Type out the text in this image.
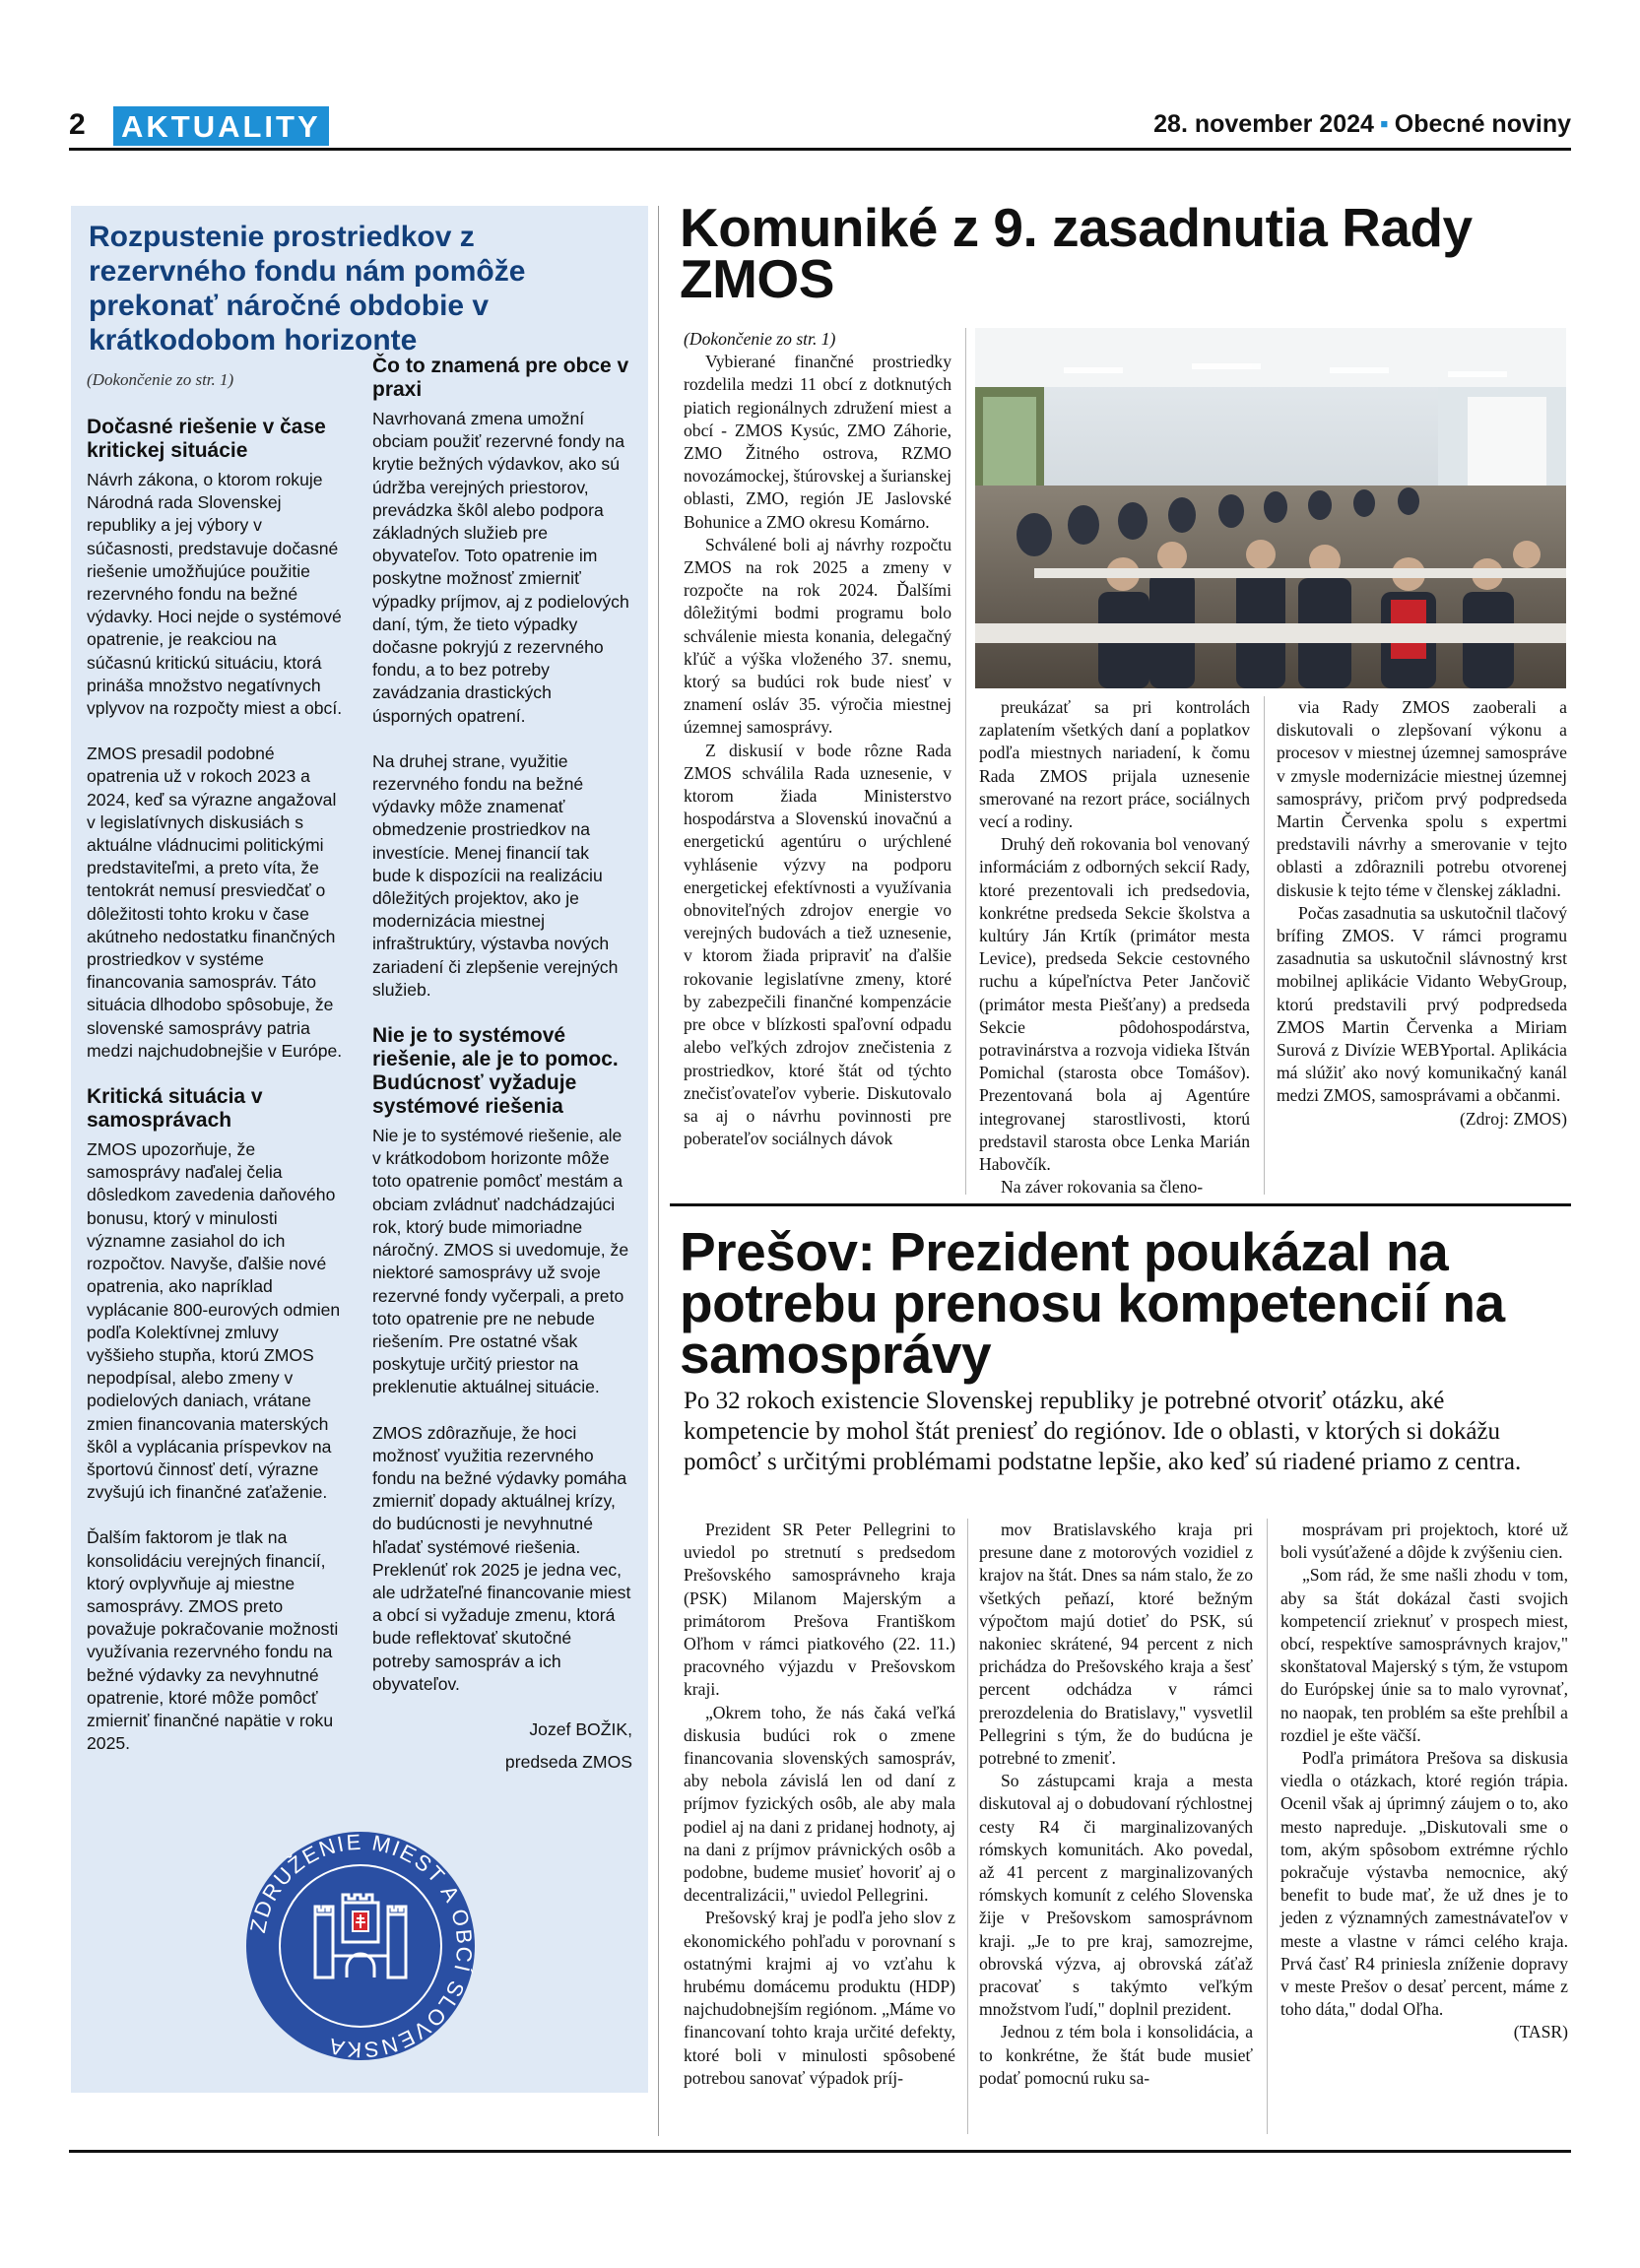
2 AKTUALITY	28. november 2024 ▪ Obecné noviny
Rozpustenie prostriedkov z rezervného fondu nám pomôže prekonať náročné obdobie v krátkodobom horizonte
(Dokončenie zo str. 1)
Dočasné riešenie v čase kritickej situácie

Návrh zákona, o ktorom rokuje Národná rada Slovenskej republiky a jej výbory v súčasnosti, predstavuje dočasné riešenie umožňujúce použitie rezervného fondu na bežné výdavky. Hoci nejde o systémové opatrenie, je reakciou na súčasnú kritickú situáciu, ktorá prináša množstvo negatívnych vplyvov na rozpočty miest a obcí.

ZMOS presadil podobné opatrenia už v rokoch 2023 a 2024, keď sa výrazne angažoval v legislatívnych diskusiách s aktuálne vládnucimi politickými predstaviteľmi, a preto víta, že tentokrát nemusí presviedčať o dôležitosti tohto kroku v čase akútneho nedostatku finančných prostriedkov v systéme financovania samospráv. Táto situácia dlhodobo spôsobuje, že slovenské samosprávy patria medzi najchudobnejšie v Európe.

Kritická situácia v samosprávach

ZMOS upozorňuje, že samosprávy naďalej čelia dôsledkom zavedenia daňového bonusu, ktorý v minulosti významne zasiahol do ich rozpočtov. Navyše, ďalšie nové opatrenia, ako napríklad vyplácanie 800-eurových odmien podľa Kolektívnej zmluvy vyššieho stupňa, ktorú ZMOS nepodpísal, alebo zmeny v podielových daniach, vrátane zmien financovania materských škôl a vyplácania príspevkov na športovú činnosť detí, výrazne zvyšujú ich finančné zaťaženie.

Ďalším faktorom je tlak na konsolidáciu verejných financií, ktorý ovplyvňuje aj miestne samosprávy. ZMOS preto považuje pokračovanie možnosti využívania rezervného fondu na bežné výdavky za nevyhnutné opatrenie, ktoré môže pomôcť zmierniť finančné napätie v roku 2025.

Čo to znamená pre obce v praxi

Navrhovaná zmena umožní obciam použiť rezervné fondy na krytie bežných výdavkov, ako sú údržba verejných priestorov, prevádzka škôl alebo podpora základných služieb pre obyvateľov. Toto opatrenie im poskytne možnosť zmierniť výpadky príjmov, aj z podielových daní, tým, že tieto výpadky dočasne pokryjú z rezervného fondu, a to bez potreby zavádzania drastických úsporných opatrení.

Na druhej strane, využitie rezervného fondu na bežné výdavky môže znamenať obmedzenie prostriedkov na investície. Menej financií tak bude k dispozícii na realizáciu dôležitých projektov, ako je modernizácia miestnej infraštruktúry, výstavba nových zariadení či zlepšenie verejných služieb.

Nie je to systémové riešenie, ale je to pomoc. Budúcnosť vyžaduje systémové riešenia

Nie je to systémové riešenie, ale v krátkodobom horizonte môže toto opatrenie pomôcť mestám a obciam zvládnuť nadchádzajúci rok, ktorý bude mimoriadne náročný. ZMOS si uvedomuje, že niektoré samosprávy už svoje rezervné fondy vyčerpali, a preto toto opatrenie pre ne nebude riešením. Pre ostatné však poskytuje určitý priestor na preklenutie aktuálnej situácie.

ZMOS zdôrazňuje, že hoci možnosť využitia rezervného fondu na bežné výdavky pomáha zmierniť dopady aktuálnej krízy, do budúcnosti je nevyhnutné hľadať systémové riešenia. Preklenúť rok 2025 je jedna vec, ale udržateľné financovanie miest a obcí si vyžaduje zmenu, ktorá bude reflektovať skutočné potreby samospráv a ich obyvateľov.

Jozef BOŽIK,

predseda ZMOS

ZDRUŽENIE MIEST A OBCÍ SLOVENSKA
Komuniké z 9. zasadnutia Rady ZMOS

(Dokončenie zo str. 1)

Vybierané finančné prostriedky rozdelila medzi 11 obcí z dotknutých piatich regionálnych združení miest a obcí - ZMOS Kysúc, ZMO Záhorie, ZMO Žitného ostrova, RZMO novozámockej, štúrovskej a šurianskej oblasti, ZMO, región JE Jaslovské Bohunice a ZMO okresu Komárno.

Schválené boli aj návrhy rozpočtu ZMOS na rok 2025 a zmeny v rozpočte na rok 2024. Ďalšími dôležitými bodmi programu bolo schválenie miesta konania, delegačný kľúč a výška vloženého 37. snemu, ktorý sa budúci rok bude niesť v znamení osláv 35. výročia miestnej územnej samosprávy.

Z diskusií v bode rôzne Rada ZMOS schválila Rada uznesenie, v ktorom žiada Ministerstvo hospodárstva a Slovenskú inovačnú a energetickú agentúru o urýchlené vyhlásenie výzvy na podporu energetickej efektívnosti a využívania obnoviteľných zdrojov energie vo verejných budovách a tiež uznesenie, v ktorom žiada pripraviť na ďalšie rokovanie legislatívne zmeny, ktoré by zabezpečili finančné kompenzácie pre obce v blízkosti spaľovní odpadu alebo veľkých zdrojov znečistenia z prostriedkov, ktoré štát od týchto znečisťovateľov vyberie. Diskutovalo sa aj o návrhu povinnosti pre poberateľov sociálnych dávok

preukázať sa pri kontrolách zaplatením všetkých daní a poplatkov podľa miestnych nariadení, k čomu Rada ZMOS prijala uznesenie smerované na rezort práce, sociálnych vecí a rodiny.

Druhý deň rokovania bol venovaný informáciám z odborných sekcií Rady, ktoré prezentovali ich predsedovia, konkrétne predseda Sekcie školstva a kultúry Ján Krtík (primátor mesta Levice), predseda Sekcie cestovného ruchu a kúpeľníctva Peter Jančovič (primátor mesta Piešťany) a predseda Sekcie pôdohospodárstva, potravinárstva a rozvoja vidieka Ištván Pomichal (starosta obce Tomášov). Prezentovaná bola aj Agentúre integrovanej starostlivosti, ktorú predstavil starosta obce Lenka Marián Habovčík.

Na záver rokovania sa členo-

via Rady ZMOS zaoberali a diskutovali o zlepšovaní výkonu a procesov v miestnej územnej samospráve v zmysle modernizácie miestnej územnej samosprávy, pričom prvý podpredseda Martin Červenka spolu s expertmi predstavili návrhy a smerovanie v tejto oblasti a zdôraznili potrebu otvorenej diskusie k tejto téme v členskej základni.

Počas zasadnutia sa uskutočnil tlačový brífing ZMOS. V rámci programu zasadnutia sa uskutočnil slávnostný krst mobilnej aplikácie Vidanto WebyGroup, ktorú predstavili prvý podpredseda ZMOS Martin Červenka a Miriam Surová z Divízie WEBYportal. Aplikácia má slúžiť ako nový komunikačný kanál medzi ZMOS, samosprávami a občanmi.

(Zdroj: ZMOS)

Prešov: Prezident poukázal na potrebu prenosu kompetencií na samosprávy

Po 32 rokoch existencie Slovenskej republiky je potrebné otvoriť otázku, aké kompetencie by mohol štát preniesť do regiónov. Ide o oblasti, v ktorých si dokážu pomôcť s určitými problémami podstatne lepšie, ako keď sú riadené priamo z centra.

Prezident SR Peter Pellegrini to uviedol po stretnutí s predsedom Prešovského samosprávneho kraja (PSK) Milanom Majerským a primátorom Prešova Františkom Oľhom v rámci piatkového (22. 11.) pracovného výjazdu v Prešovskom kraji.

„Okrem toho, že nás čaká veľká diskusia budúci rok o zmene financovania slovenských samospráv, aby nebola závislá len od daní z príjmov fyzických osôb, ale aby mala podiel aj na dani z pridanej hodnoty, aj na dani z príjmov právnických osôb a podobne, budeme musieť hovoriť aj o decentralizácii," uviedol Pellegrini.

Prešovský kraj je podľa jeho slov z ekonomického pohľadu v porovnaní s ostatnými krajmi aj vo vzťahu k hrubému domácemu produktu (HDP) najchudobnejším regiónom. „Máme vo financovaní tohto kraja určité defekty, ktoré boli v minulosti spôsobené potrebou sanovať výpadok príj-

mov Bratislavského kraja pri presune dane z motorových vozidiel z krajov na štát. Dnes sa nám stalo, že zo všetkých peňazí, ktoré bežným výpočtom majú dotieť do PSK, sú nakoniec skrátené, 94 percent z nich prichádza do Prešovského kraja a šesť percent odchádza v rámci prerozdelenia do Bratislavy," vysvetlil Pellegrini s tým, že do budúcna je potrebné to zmeniť.

So zástupcami kraja a mesta diskutoval aj o dobudovaní rýchlostnej cesty R4 či marginalizovaných rómskych komunitách. Ako povedal, až 41 percent z marginalizovaných rómskych komunít z celého Slovenska žije v Prešovskom samosprávnom kraji. „Je to pre kraj, samozrejme, obrovská výzva, aj obrovská záťaž pracovať s takýmto veľkým množstvom ľudí," doplnil prezident.

Jednou z tém bola i konsolidácia, a to konkrétne, že štát bude musieť podať pomocnú ruku sa-

mosprávam pri projektoch, ktoré už boli vysúťažené a dôjde k zvýšeniu cien.

„Som rád, že sme našli zhodu v tom, aby sa štát dokázal časti svojich kompetencií zrieknuť v prospech miest, obcí, respektíve samosprávnych krajov," skonštatoval Majerský s tým, že vstupom do Európskej únie sa to malo vyrovnať, no naopak, ten problém sa ešte prehĺbil a rozdiel je ešte väčší.

Podľa primátora Prešova sa diskusia viedla o otázkach, ktoré región trápia. Ocenil však aj úprimný záujem o to, ako mesto napreduje. „Diskutovali sme o tom, akým spôsobom extrémne rýchlo pokračuje výstavba nemocnice, aký benefit to bude mať, že už dnes je to jeden z významných zamestnávateľov v meste a vlastne v rámci celého kraja. Prvá časť R4 priniesla zníženie dopravy v meste Prešov o desať percent, máme z toho dáta," dodal Oľha.

(TASR)
